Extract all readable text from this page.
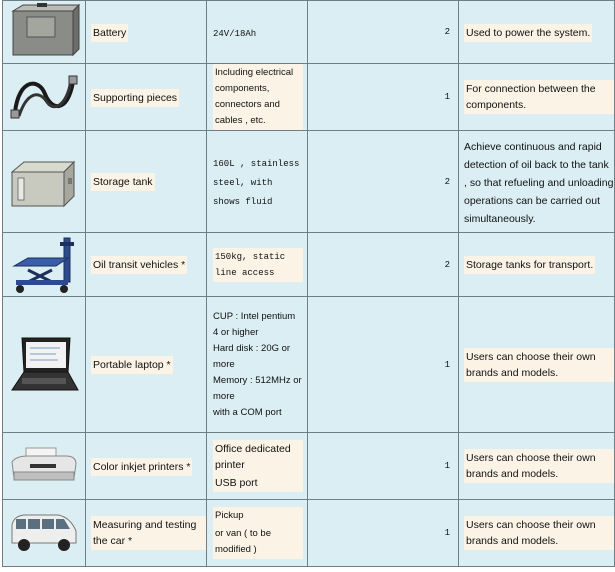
	Battery	24V/18Ah	2	Used to power the system.

	Supporting pieces	Including electrical components, connectors and cables , etc.	1	For connection between the components.

	Storage tank	160L , stainless steel, with shows fluid	2	Achieve continuous and rapid detection of oil back to the tank , so that refueling and unloading operations can be carried out simultaneously.

	Oil transit vehicles *	150kg, static line access	2	Storage tanks for transport.

	Portable laptop *	CUP : Intel pentium 4 or higher
Hard disk : 20G or more
Memory : 512MHz or more
with a COM port	1	Users can choose their own brands and models.

	Color inkjet printers *	Office dedicated printer
USB port	1	Users can choose their own brands and models.

	Measuring and testing the car *	Pickup
or van ( to be modified )	1	Users can choose their own brands and models.
